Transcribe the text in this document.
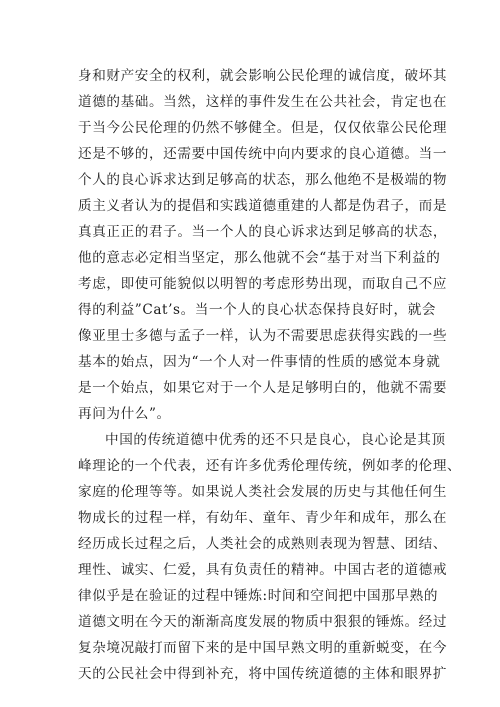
身和财产安全的权利，就会影响公民伦理的诚信度，破坏其
道德的基础。当然，这样的事件发生在公共社会，肯定也在
于当今公民伦理的仍然不够健全。但是，仅仅依靠公民伦理
还是不够的，还需要中国传统中向内要求的良心道德。当一
个人的良心诉求达到足够高的状态，那么他绝不是极端的物
质主义者认为的提倡和实践道德重建的人都是伪君子，而是
真真正正的君子。当一个人的良心诉求达到足够高的状态，
他的意志必定相当坚定，那么他就不会“基于对当下利益的
考虑，即使可能貌似以明智的考虑形势出现，而取自己不应
得的利益”Cat’s。当一个人的良心状态保持良好时，就会
像亚里士多德与孟子一样，认为不需要思虑获得实践的一些
基本的始点，因为“一个人对一件事情的性质的感觉本身就
是一个始点，如果它对于一个人是足够明白的，他就不需要
再问为什么”。
中国的传统道德中优秀的还不只是良心，良心论是其顶
峰理论的一个代表，还有许多优秀伦理传统，例如孝的伦理、
家庭的伦理等等。如果说人类社会发展的历史与其他任何生
物成长的过程一样，有幼年、童年、青少年和成年，那么在
经历成长过程之后，人类社会的成熟则表现为智慧、团结、
理性、诚实、仁爱，具有负责任的精神。中国古老的道德戒
律似乎是在验证的过程中锤炼:时间和空间把中国那早熟的
道德文明在今天的渐渐高度发展的物质中狠狠的锤炼。经过
复杂境况敲打而留下来的是中国早熟文明的重新蜕变，在今
天的公民社会中得到补充，将中国传统道德的主体和眼界扩
